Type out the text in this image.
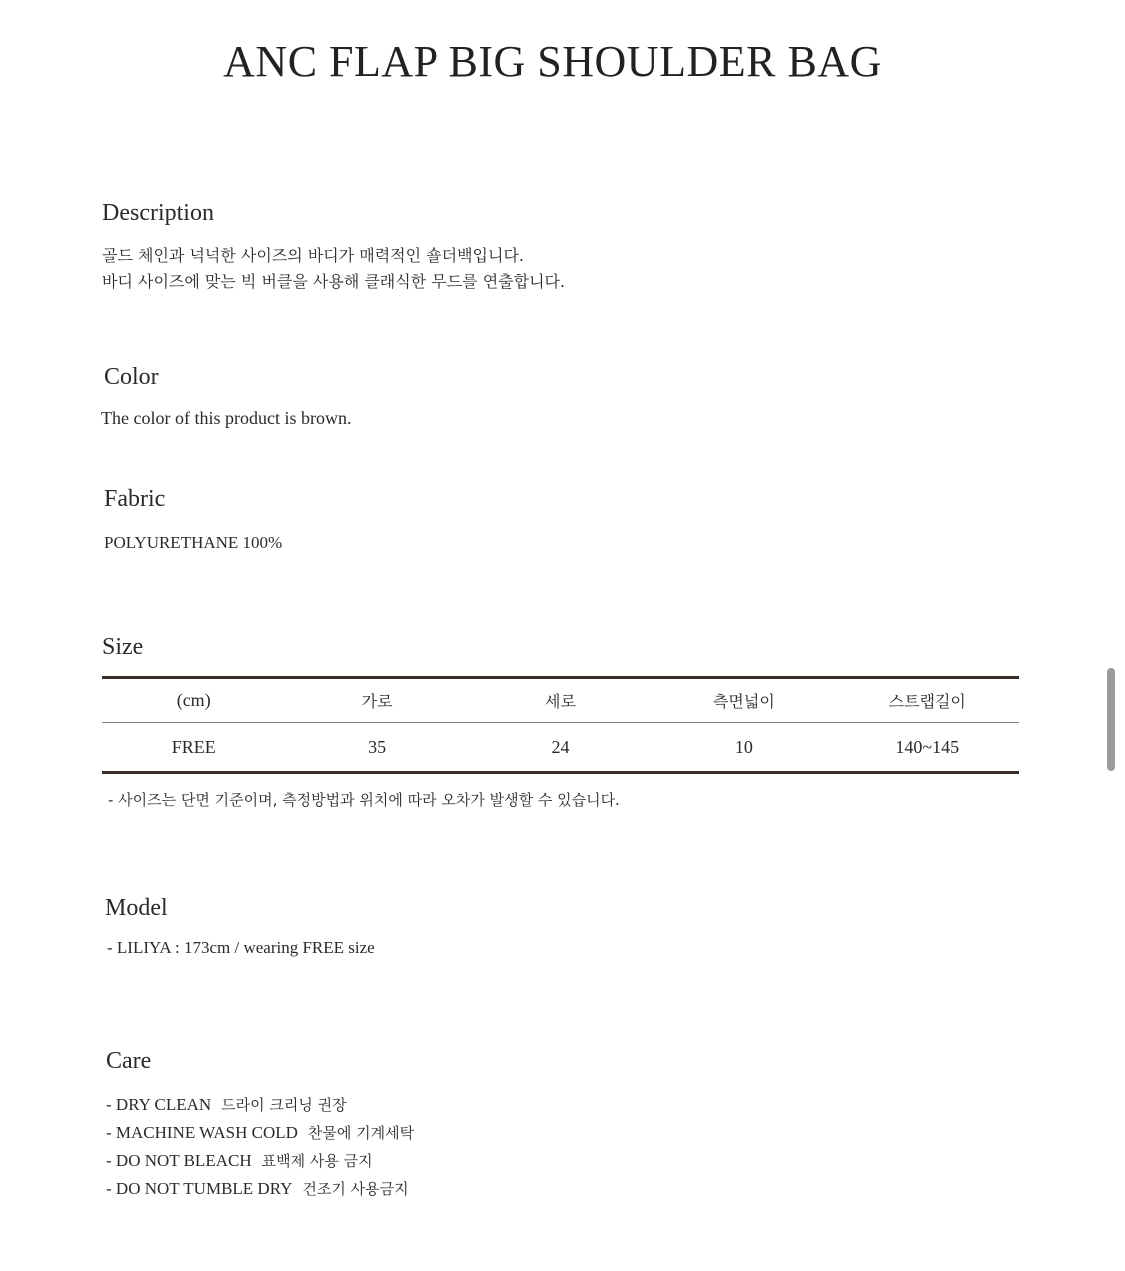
ANC FLAP BIG SHOULDER BAG
Description
골드 체인과 넉넉한 사이즈의 바디가 매력적인 숄더백입니다.
바디 사이즈에 맞는 빅 버클을 사용해 클래식한 무드를 연출합니다.
Color
The color of this product is brown.
Fabric
POLYURETHANE 100%
Size
(cm)	가로	세로	측면넓이	스트랩길이
FREE	35	24	10	140~145
- 사이즈는 단면 기준이며, 측정방법과 위치에 따라 오차가 발생할 수 있습니다.
Model
- LILIYA : 173cm / wearing FREE size
Care
- DRY CLEAN 드라이 크리닝 권장
- MACHINE WASH COLD 찬물에 기계세탁
- DO NOT BLEACH 표백제 사용 금지
- DO NOT TUMBLE DRY 건조기 사용금지
